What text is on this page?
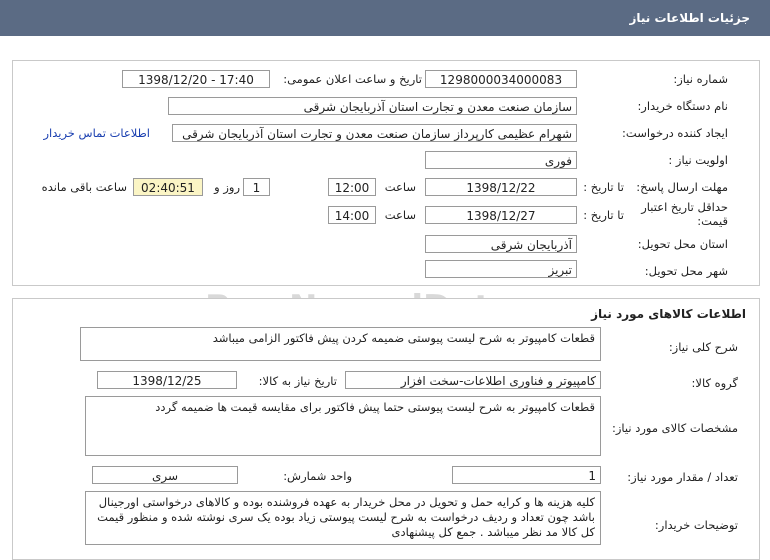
جزئیات اطلاعات نیاز
شماره نیاز:
1298000034000083
تاریخ و ساعت اعلان عمومی:
1398/12/20 - 17:40
نام دستگاه خریدار:
سازمان صنعت معدن و تجارت استان آذربایجان شرقی
ایجاد کننده درخواست:
شهرام عظیمی کارپرداز سازمان صنعت معدن و تجارت استان آذربایجان شرقی
اطلاعات تماس خریدار
اولویت نیاز :
فوری
مهلت ارسال پاسخ:
تا تاریخ :
1398/12/22
ساعت
12:00
1
روز و
02:40:51
ساعت باقی مانده
حداقل تاریخ اعتبار قیمت:
تا تاریخ :
1398/12/27
ساعت
14:00
استان محل تحویل:
آذربایجان شرقی
شهر محل تحویل:
تبریز
اطلاعات کالاهای مورد نیاز
شرح کلی نیاز:
قطعات کامپیوتر به شرح لیست پیوستی ضمیمه کردن پیش فاکتور الزامی میباشد
گروه کالا:
کامپیوتر و فناوری اطلاعات-سخت افزار
تاریخ نیاز به کالا:
1398/12/25
مشخصات کالای مورد نیاز:
قطعات کامپیوتر به شرح لیست پیوستی حتما پیش فاکتور برای مقایسه قیمت ها ضمیمه گردد
تعداد / مقدار مورد نیاز:
1
واحد شمارش:
سری
توضیحات خریدار:
کلیه هزینه ها و کرایه حمل و تحویل در محل خریدار به عهده فروشنده بوده و کالاهای درخواستی اورجینال باشد چون تعداد و ردیف درخواست به شرح لیست پیوستی زیاد بوده یک سری نوشته شده و منظور قیمت کل کالا مد نظر میباشد . جمع کل پیشنهادی
